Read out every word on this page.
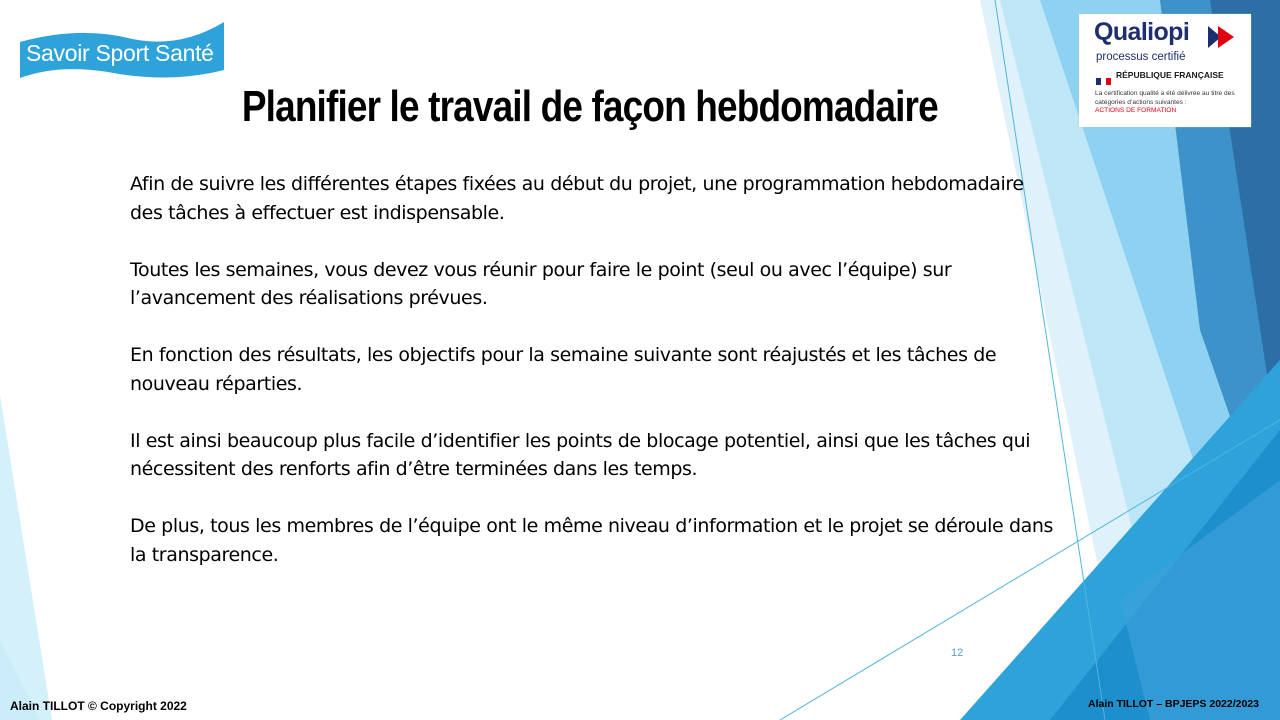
Savoir Sport Santé
Planifier le travail de façon hebdomadaire

Afin de suivre les différentes étapes fixées au début du projet, une programmation hebdomadaire des tâches à effectuer est indispensable.

Toutes les semaines, vous devez vous réunir pour faire le point (seul ou avec l’équipe) sur l’avancement des réalisations prévues.

En fonction des résultats, les objectifs pour la semaine suivante sont réajustés et les tâches de nouveau réparties.

Il est ainsi beaucoup plus facile d’identifier les points de blocage potentiel, ainsi que les tâches qui nécessitent des renforts afin d’être terminées dans les temps.

De plus, tous les membres de l’équipe ont le même niveau d’information et le projet se déroule dans la transparence.

Qualiopi
processus certifié
RÉPUBLIQUE FRANÇAISE
La certification qualité a été délivrée au titre des catégories d’actions suivantes :
ACTIONS DE FORMATION
12
Alain TILLOT © Copyright 2022	Alain TILLOT – BPJEPS 2022/2023
